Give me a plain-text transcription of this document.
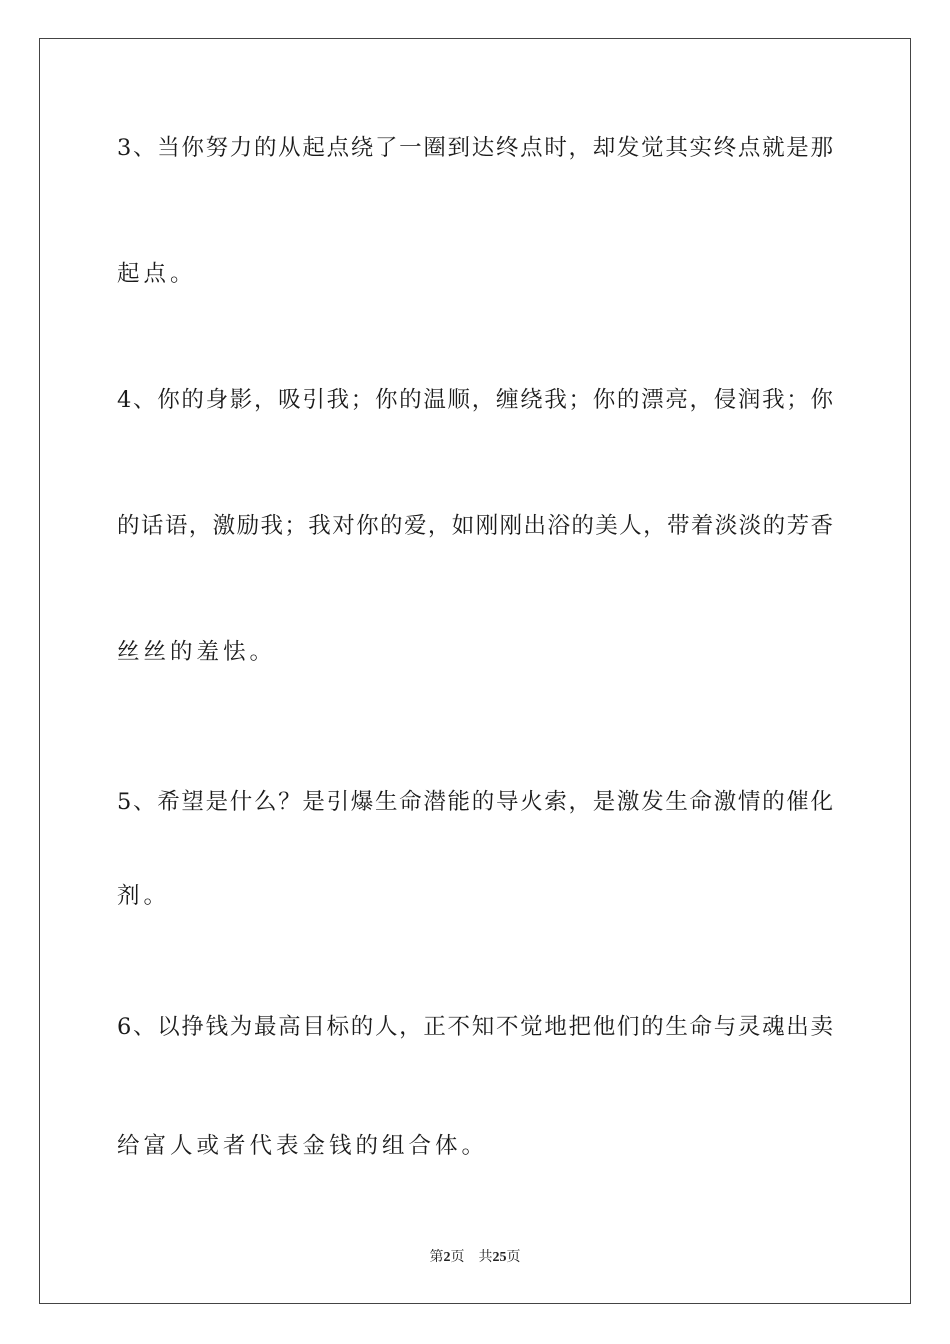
3、当你努力的从起点绕了一圈到达终点时，却发觉其实终点就是那
起点。
4、你的身影，吸引我；你的温顺，缠绕我；你的漂亮，侵润我；你
的话语，激励我；我对你的爱，如刚刚出浴的美人，带着淡淡的芳香
丝丝的羞怯。
5、希望是什么？是引爆生命潜能的导火索，是激发生命激情的催化
剂。
6、以挣钱为最高目标的人，正不知不觉地把他们的生命与灵魂出卖
给富人或者代表金钱的组合体。
第2页 共25页
